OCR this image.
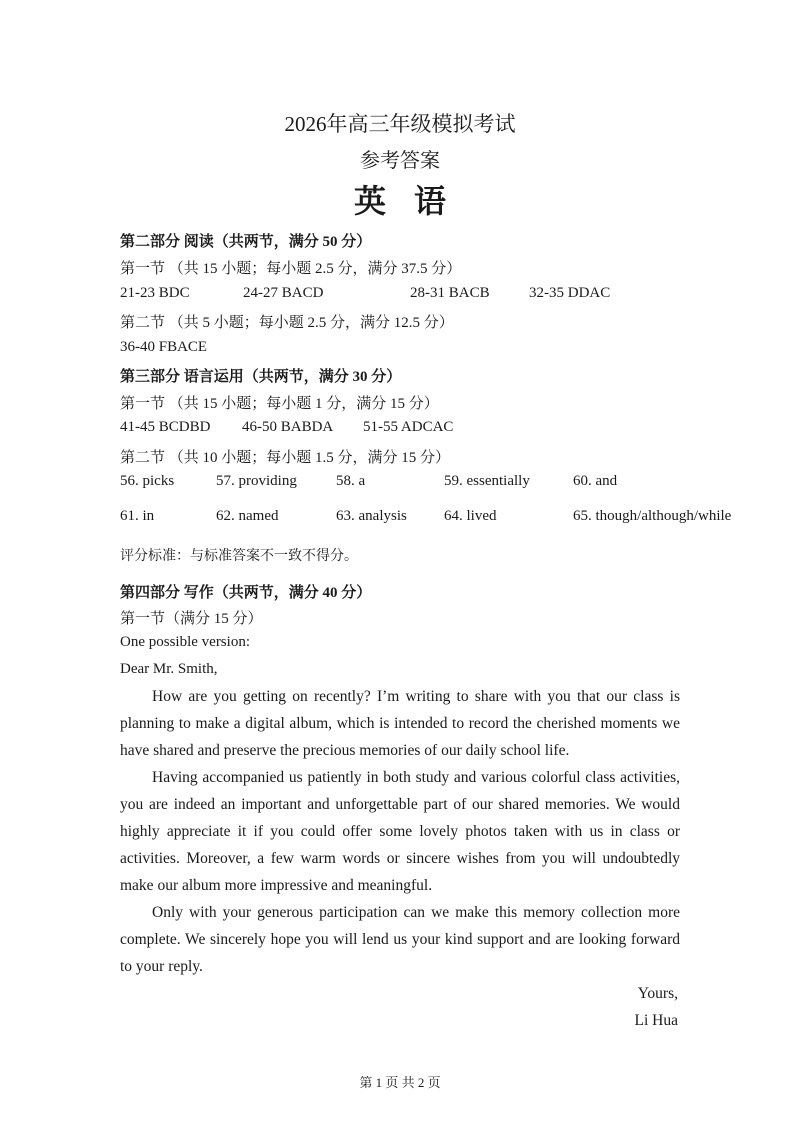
2026年高三年级模拟考试
参考答案
英语
第二部分 阅读（共两节，满分 50 分）
第一节 （共 15 小题；每小题 2.5 分，满分 37.5 分）
21-23 BDC	24-27 BACD	28-31 BACB	32-35 DDAC
第二节 （共 5 小题；每小题 2.5 分，满分 12.5 分）
36-40 FBACE
第三部分 语言运用（共两节，满分 30 分）
第一节 （共 15 小题；每小题 1 分，满分 15 分）
41-45 BCDBD 46-50 BABDA 51-55 ADCAC
第二节 （共 10 小题；每小题 1.5 分，满分 15 分）
56. picks	57. providing	58. a	59. essentially	60. and
61. in	62. named	63. analysis 64. lived	65. though/although/while
评分标准：与标准答案不一致不得分。
第四部分 写作（共两节，满分 40 分）
第一节（满分 15 分）
One possible version:
Dear Mr. Smith,

How are you getting on recently? I’m writing to share with you that our class is planning to make a digital album, which is intended to record the cherished moments we have shared and preserve the precious memories of our daily school life.

Having accompanied us patiently in both study and various colorful class activities, you are indeed an important and unforgettable part of our shared memories. We would highly appreciate it if you could offer some lovely photos taken with us in class or activities. Moreover, a few warm words or sincere wishes from you will undoubtedly make our album more impressive and meaningful.

Only with your generous participation can we make this memory collection more complete. We sincerely hope you will lend us your kind support and are looking forward to your reply.

Yours,
Li Hua
第 1 页 共 2 页
